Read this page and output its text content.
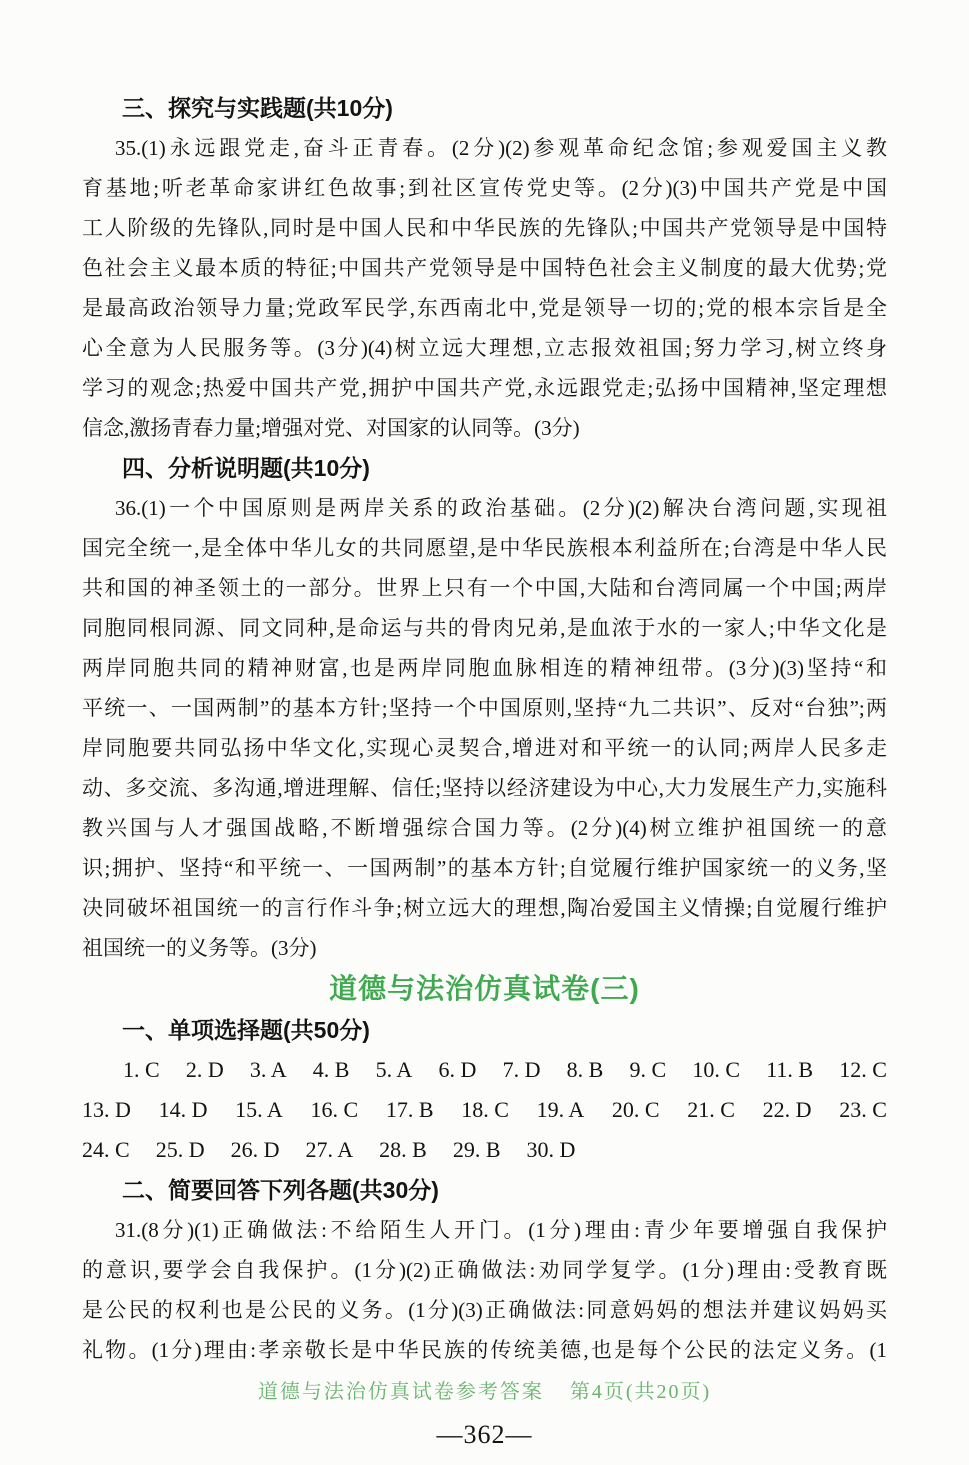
三、探究与实践题(共10分)
35.(1)永远跟党走,奋斗正青春。(2分)(2)参观革命纪念馆;参观爱国主义教
育基地;听老革命家讲红色故事;到社区宣传党史等。(2分)(3)中国共产党是中国
工人阶级的先锋队,同时是中国人民和中华民族的先锋队;中国共产党领导是中国特
色社会主义最本质的特征;中国共产党领导是中国特色社会主义制度的最大优势;党
是最高政治领导力量;党政军民学,东西南北中,党是领导一切的;党的根本宗旨是全
心全意为人民服务等。(3分)(4)树立远大理想,立志报效祖国;努力学习,树立终身
学习的观念;热爱中国共产党,拥护中国共产党,永远跟党走;弘扬中国精神,坚定理想
信念,激扬青春力量;增强对党、对国家的认同等。(3分)
四、分析说明题(共10分)
36.(1)一个中国原则是两岸关系的政治基础。(2分)(2)解决台湾问题,实现祖
国完全统一,是全体中华儿女的共同愿望,是中华民族根本利益所在;台湾是中华人民
共和国的神圣领土的一部分。世界上只有一个中国,大陆和台湾同属一个中国;两岸
同胞同根同源、同文同种,是命运与共的骨肉兄弟,是血浓于水的一家人;中华文化是
两岸同胞共同的精神财富,也是两岸同胞血脉相连的精神纽带。(3分)(3)坚持“和
平统一、一国两制”的基本方针;坚持一个中国原则,坚持“九二共识”、反对“台独”;两
岸同胞要共同弘扬中华文化,实现心灵契合,增进对和平统一的认同;两岸人民多走
动、多交流、多沟通,增进理解、信任;坚持以经济建设为中心,大力发展生产力,实施科
教兴国与人才强国战略,不断增强综合国力等。(2分)(4)树立维护祖国统一的意
识;拥护、坚持“和平统一、一国两制”的基本方针;自觉履行维护国家统一的义务,坚
决同破坏祖国统一的言行作斗争;树立远大的理想,陶冶爱国主义情操;自觉履行维护
祖国统一的义务等。(3分)
道德与法治仿真试卷(三)
一、单项选择题(共50分)
1. C 2. D 3. A 4. B 5. A 6. D 7. D 8. B 9. C 10. C 11. B 12. C
13. D 14. D 15. A 16. C 17. B 18. C 19. A 20. C 21. C 22. D 23. C
24. C 25. D 26. D 27. A 28. B 29. B 30. D
二、简要回答下列各题(共30分)
31.(8分)(1)正确做法:不给陌生人开门。(1分)理由:青少年要增强自我保护
的意识,要学会自我保护。(1分)(2)正确做法:劝同学复学。(1分)理由:受教育既
是公民的权利也是公民的义务。(1分)(3)正确做法:同意妈妈的想法并建议妈妈买
礼物。(1分)理由:孝亲敬长是中华民族的传统美德,也是每个公民的法定义务。(1
道德与法治仿真试卷参考答案 第4页(共20页)
—362—
